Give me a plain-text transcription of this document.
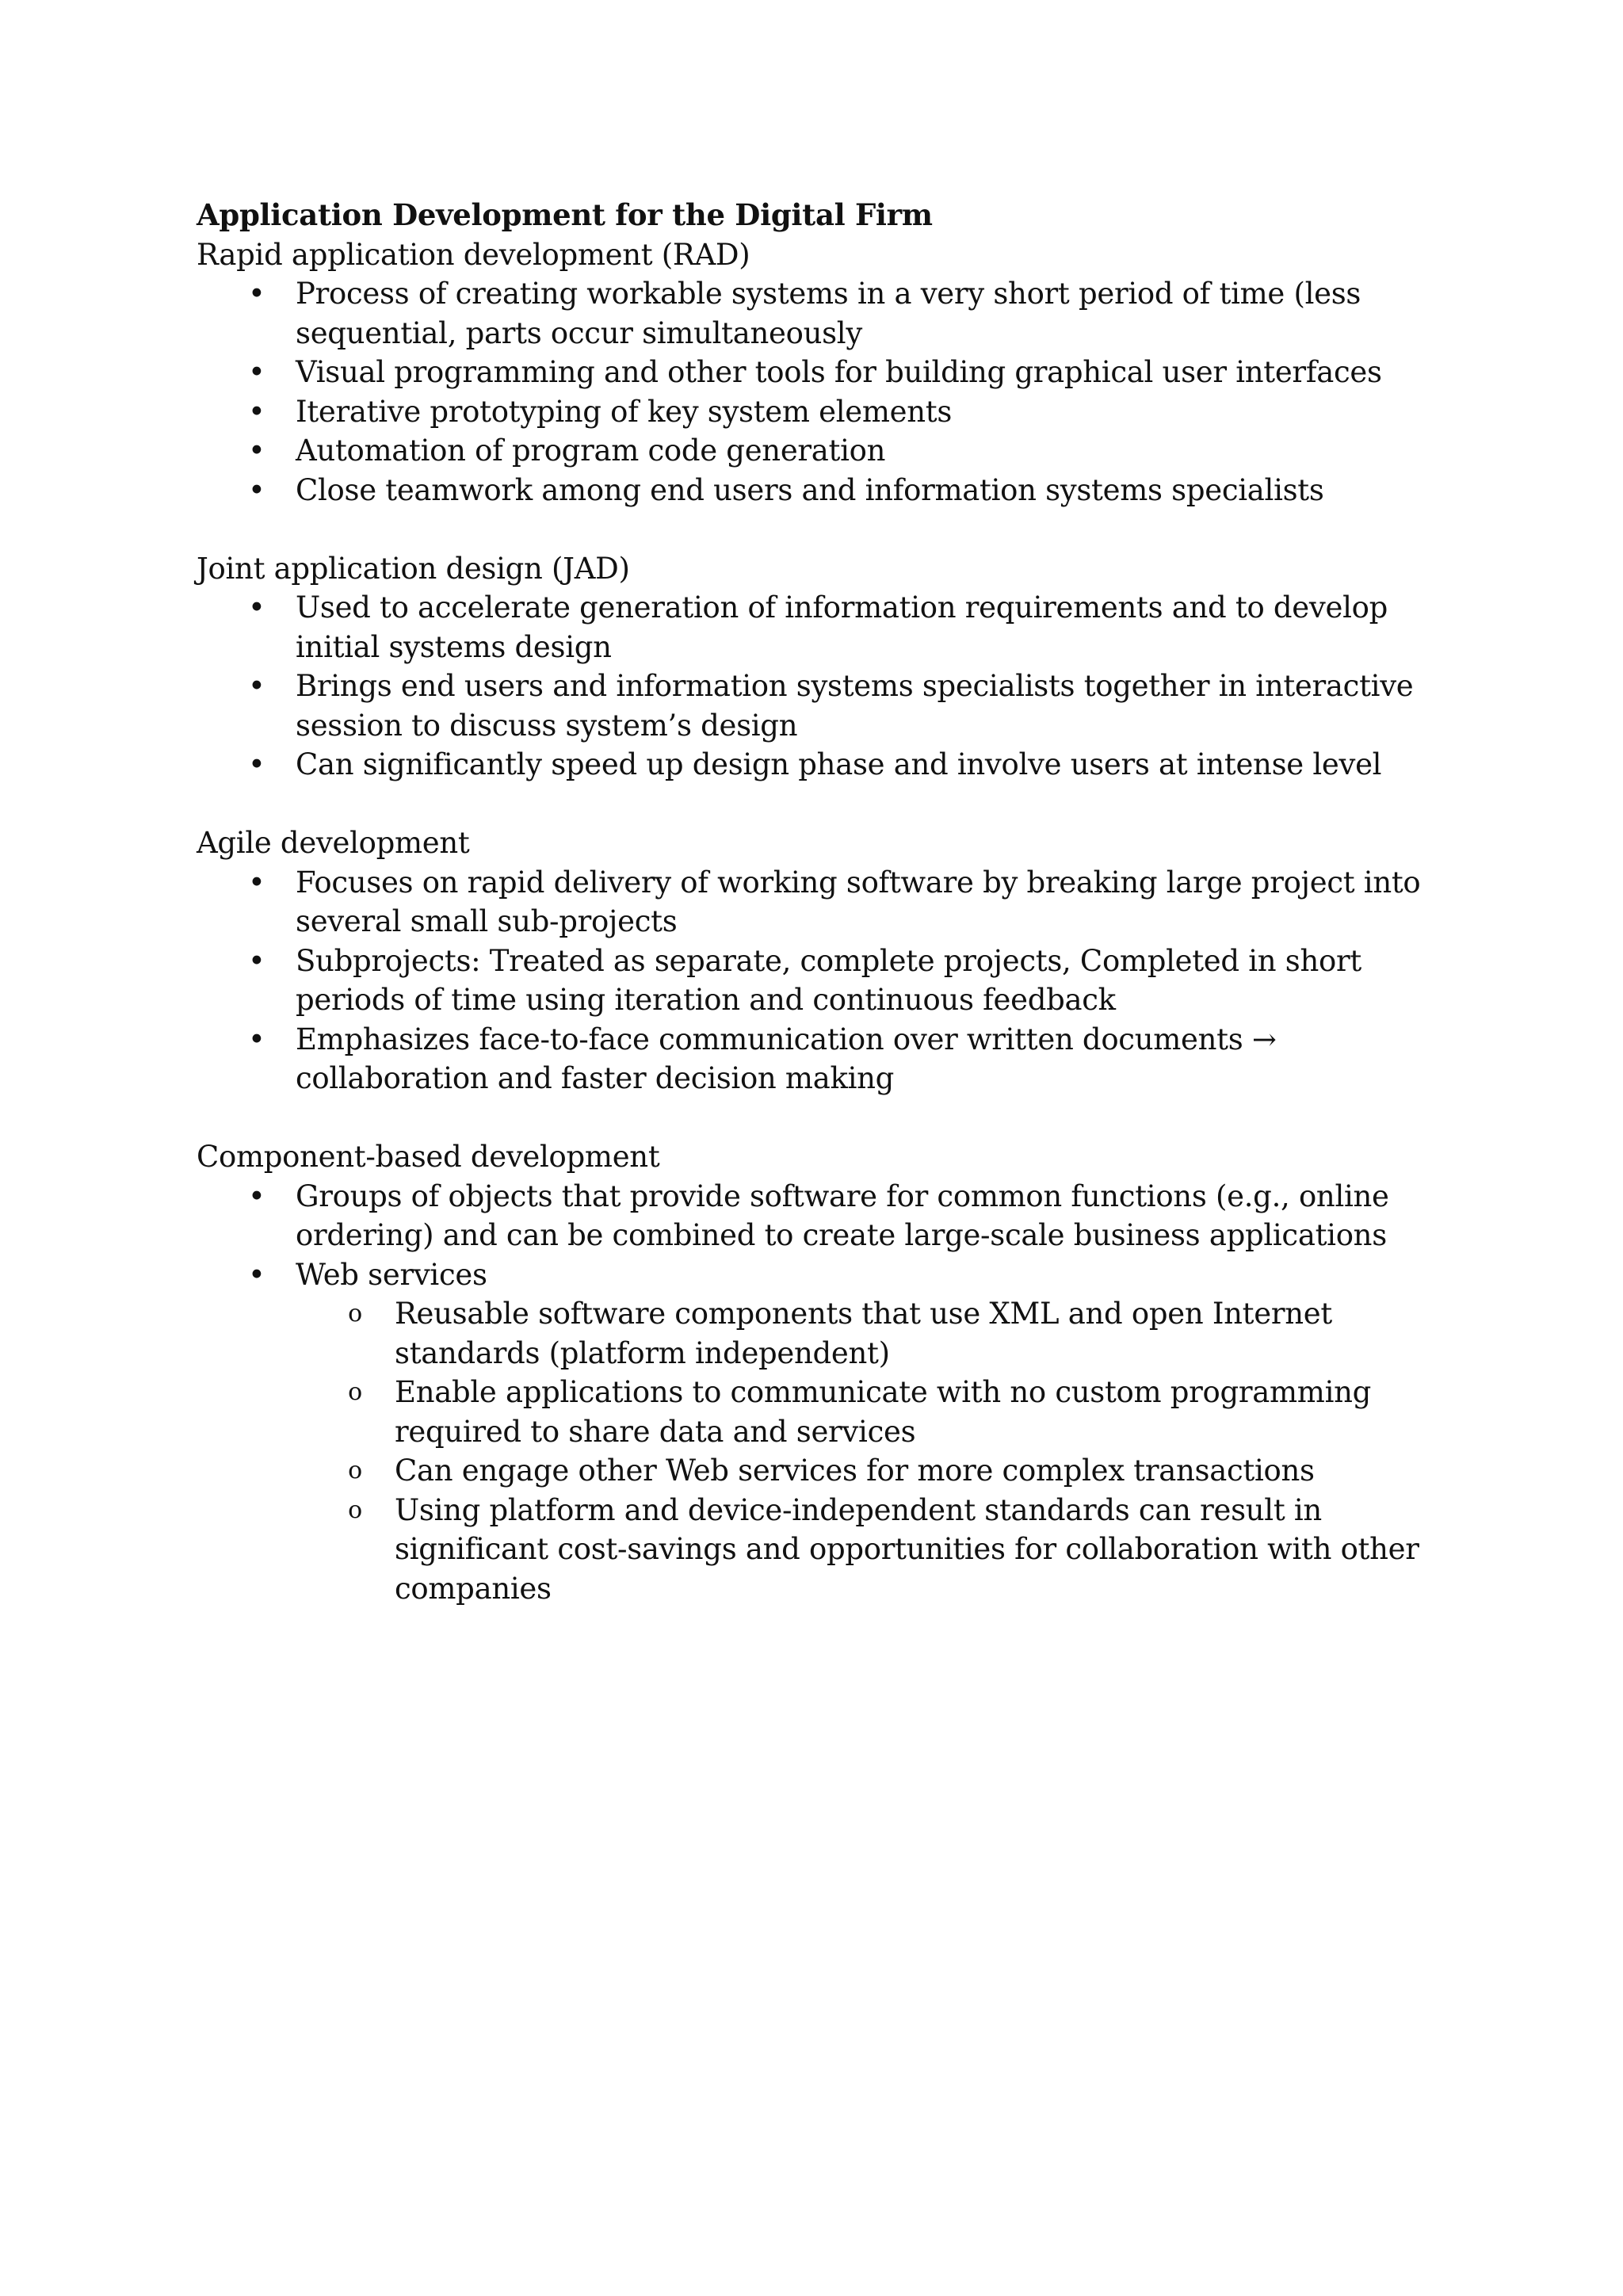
Application Development for the Digital Firm
Rapid application development (RAD)
• Process of creating workable systems in a very short period of time (less sequential, parts occur simultaneously
• Visual programming and other tools for building graphical user interfaces
• Iterative prototyping of key system elements
• Automation of program code generation
• Close teamwork among end users and information systems specialists
Joint application design (JAD)
• Used to accelerate generation of information requirements and to develop initial systems design
• Brings end users and information systems specialists together in interactive session to discuss system’s design
• Can significantly speed up design phase and involve users at intense level
Agile development
• Focuses on rapid delivery of working software by breaking large project into several small sub-projects
• Subprojects: Treated as separate, complete projects, Completed in short periods of time using iteration and continuous feedback
• Emphasizes face-to-face communication over written documents → collaboration and faster decision making
Component-based development
• Groups of objects that provide software for common functions (e.g., online ordering) and can be combined to create large-scale business applications
• Web services
o Reusable software components that use XML and open Internet standards (platform independent)
o Enable applications to communicate with no custom programming required to share data and services
o Can engage other Web services for more complex transactions
o Using platform and device-independent standards can result in significant cost-savings and opportunities for collaboration with other companies
